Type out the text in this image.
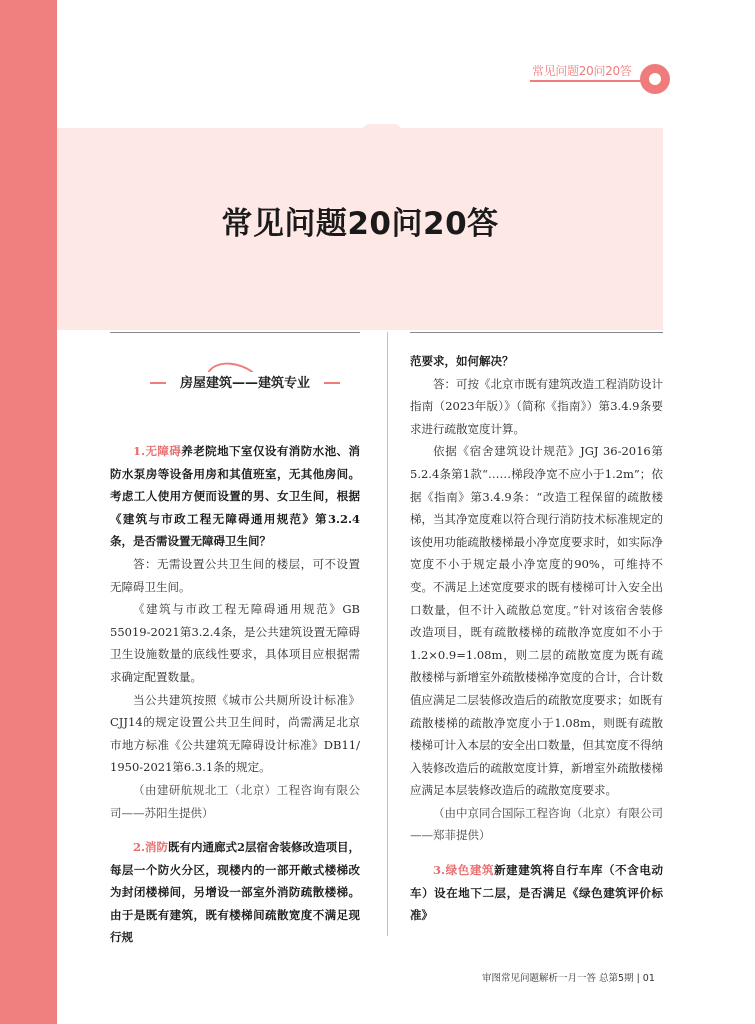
常见问题20问20答
常见问题20问20答
房屋建筑——建筑专业

1.无障碍养老院地下室仅设有消防水池、消防水泵房等设备用房和其值班室，无其他房间。考虑工人使用方便而设置的男、女卫生间，根据《建筑与市政工程无障碍通用规范》第3.2.4条，是否需设置无障碍卫生间？

答：无需设置公共卫生间的楼层，可不设置无障碍卫生间。

《建筑与市政工程无障碍通用规范》GB 55019-2021第3.2.4条，是公共建筑设置无障碍卫生设施数量的底线性要求，具体项目应根据需求确定配置数量。

当公共建筑按照《城市公共厕所设计标准》CJJ14的规定设置公共卫生间时，尚需满足北京市地方标准《公共建筑无障碍设计标准》DB11/ 1950-2021第6.3.1条的规定。

（由建研航规北工（北京）工程咨询有限公司——苏阳生提供）

2.消防既有内通廊式2层宿舍装修改造项目，每层一个防火分区，现楼内的一部开敞式楼梯改为封闭楼梯间，另增设一部室外消防疏散楼梯。由于是既有建筑，既有楼梯间疏散宽度不满足现行规

范要求，如何解决？

答：可按《北京市既有建筑改造工程消防设计指南（2023年版）》（简称《指南》）第3.4.9条要求进行疏散宽度计算。

依据《宿舍建筑设计规范》JGJ 36-2016第5.2.4条第1款“……梯段净宽不应小于1.2m”；依据《指南》第3.4.9条：“改造工程保留的疏散楼梯，当其净宽度难以符合现行消防技术标准规定的该使用功能疏散楼梯最小净宽度要求时，如实际净宽度不小于规定最小净宽度的90%，可维持不变。不满足上述宽度要求的既有楼梯可计入安全出口数量，但不计入疏散总宽度。”针对该宿舍装修改造项目，既有疏散楼梯的疏散净宽度如不小于1.2×0.9=1.08m，则二层的疏散宽度为既有疏散楼梯与新增室外疏散楼梯净宽度的合计，合计数值应满足二层装修改造后的疏散宽度要求；如既有疏散楼梯的疏散净宽度小于1.08m，则既有疏散楼梯可计入本层的安全出口数量，但其宽度不得纳入装修改造后的疏散宽度计算，新增室外疏散楼梯应满足本层装修改造后的疏散宽度要求。

（由中京同合国际工程咨询（北京）有限公司——郑菲提供）

3.绿色建筑新建建筑将自行车库（不含电动车）设在地下二层，是否满足《绿色建筑评价标准》

审图常见问题解析一月一答 总第5期 | 01
